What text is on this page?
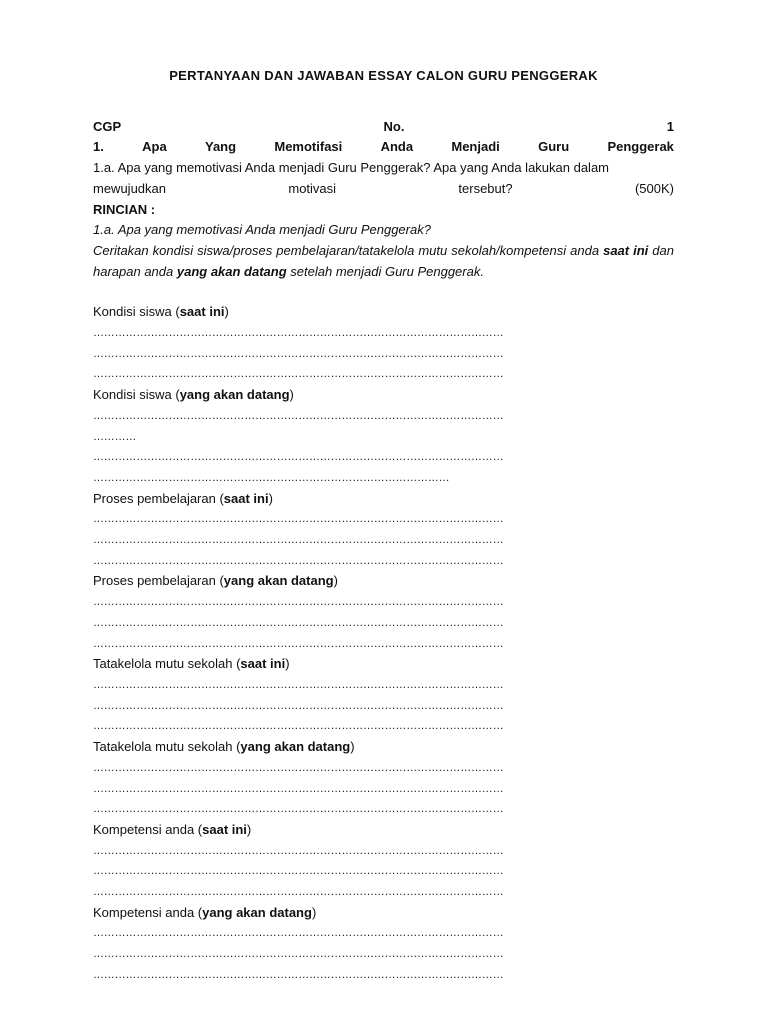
PERTANYAAN DAN JAWABAN ESSAY CALON GURU PENGGERAK

CGP	No.	1
1.	Apa	Yang	Memotifasi	Anda	Menjadi	Guru	Penggerak
1.a. Apa yang memotivasi Anda menjadi Guru Penggerak? Apa yang Anda lakukan dalam
mewujudkan	motivasi	tersebut?	(500K)
RINCIAN :
1.a. Apa yang memotivasi Anda menjadi Guru Penggerak?

Ceritakan kondisi siswa/proses pembelajaran/tatakelola mutu sekolah/kompetensi anda saat ini dan harapan anda yang akan datang setelah menjadi Guru Penggerak.

Kondisi siswa (saat ini)
……………………………………………………………………………………………………
……………………………………………………………………………………………………
……………………………………………………………………………………………………
Kondisi siswa (yang akan datang)
……………………………………………………………………………………………………
…………
……………………………………………………………………………………………………
………………………………………………………………………………………
Proses pembelajaran (saat ini)
……………………………………………………………………………………………………
……………………………………………………………………………………………………
……………………………………………………………………………………………………
Proses pembelajaran (yang akan datang)
……………………………………………………………………………………………………
……………………………………………………………………………………………………
……………………………………………………………………………………………………
Tatakelola mutu sekolah (saat ini)
……………………………………………………………………………………………………
……………………………………………………………………………………………………
……………………………………………………………………………………………………
Tatakelola mutu sekolah (yang akan datang)
……………………………………………………………………………………………………
……………………………………………………………………………………………………
……………………………………………………………………………………………………
Kompetensi anda (saat ini)
……………………………………………………………………………………………………
……………………………………………………………………………………………………
……………………………………………………………………………………………………
Kompetensi anda (yang akan datang)
……………………………………………………………………………………………………
……………………………………………………………………………………………………
……………………………………………………………………………………………………
